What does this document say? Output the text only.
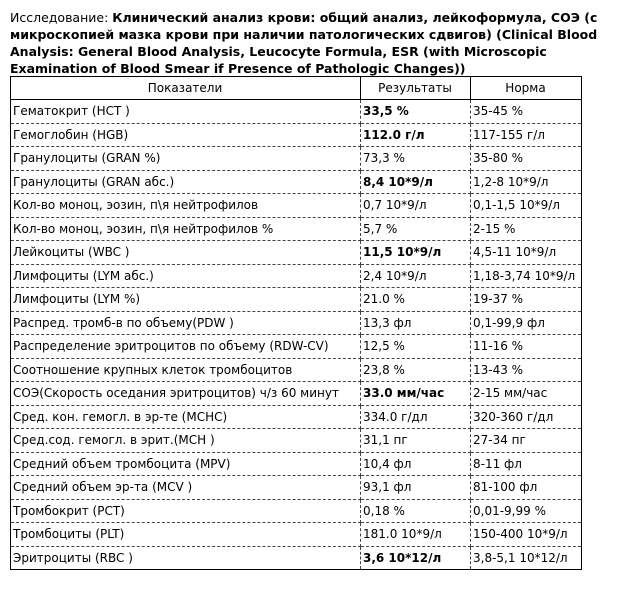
Исследование: Клинический анализ крови: общий анализ, лейкоформула, СОЭ (с микроскопией мазка крови при наличии патологических сдвигов) (Clinical Blood Analysis: General Blood Analysis, Leucocyte Formula, ESR (with Microscopic Examination of Blood Smear if Presence of Pathologic Changes))
Показатели	Результаты	Норма
Гематокрит (HCT )	33,5 %	35-45 %
Гемоглобин (HGB)	112.0 г/л	117-155 г/л
Гранулоциты (GRAN %)	73,3 %	35-80 %
Гранулоциты (GRAN абс.)	8,4 10*9/л	1,2-8 10*9/л
Кол-во моноц, эозин, п\я нейтрофилов	0,7 10*9/л	0,1-1,5 10*9/л
Кол-во моноц, эозин, п\я нейтрофилов %	5,7 %	2-15 %
Лейкоциты (WBC )	11,5 10*9/л	4,5-11 10*9/л
Лимфоциты (LYM абс.)	2,4 10*9/л	1,18-3,74 10*9/л
Лимфоциты (LYM %)	21.0 %	19-37 %
Распред. тромб-в по объему(PDW )	13,3 фл	0,1-99,9 фл
Распределение эритроцитов по объему (RDW-CV)	12,5 %	11-16 %
Соотношение крупных клеток тромбоцитов	23,8 %	13-43 %
СОЭ(Скорость оседания эритроцитов) ч/з 60 минут	33.0 мм/час	2-15 мм/час
Сред. кон. гемогл. в эр-те (MCHC)	334.0 г/дл	320-360 г/дл
Сред.сод. гемогл. в эрит.(MCH )	31,1 пг	27-34 пг
Средний объем тромбоцита (MPV)	10,4 фл	8-11 фл
Средний объем эр-та (MCV )	93,1 фл	81-100 фл
Тромбокрит (PCT)	0,18 %	0,01-9,99 %
Тромбоциты (PLT)	181.0 10*9/л	150-400 10*9/л
Эритроциты (RBC )	3,6 10*12/л	3,8-5,1 10*12/л
